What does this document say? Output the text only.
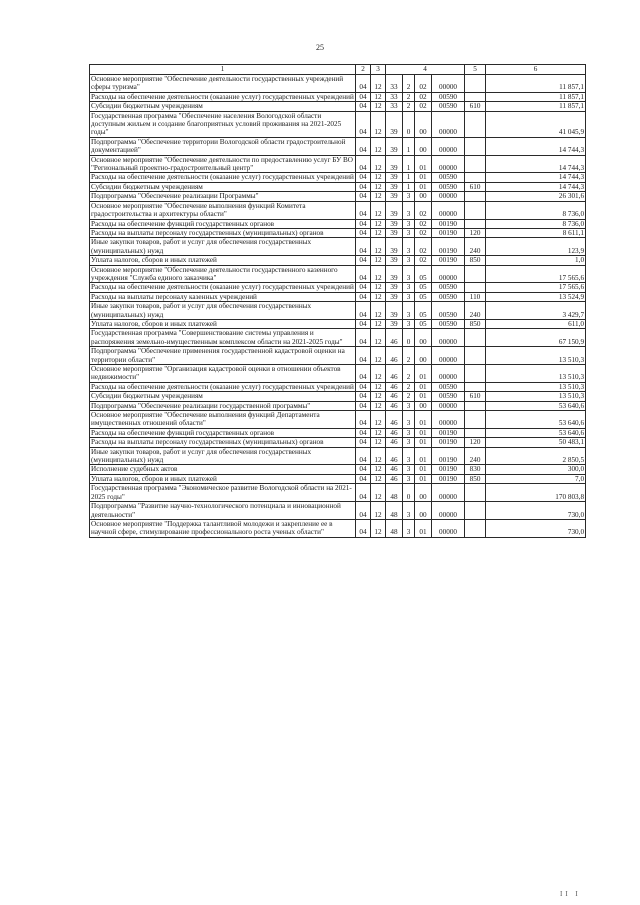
25
1	2	3	4				5	6
Основное мероприятие "Обеспечение деятельности государственных учреждений сферы туризма"	04	12	33	2	02	00000		11 857,1
Расходы на обеспечение деятельности (оказание услуг) государственных учреждений	04	12	33	2	02	00590		11 857,1
Субсидии бюджетным учреждениям	04	12	33	2	02	00590	610	11 857,1
Государственная программа "Обеспечение населения Вологодской области доступным жильем и создание благоприятных условий проживания на 2021-2025 годы"	04	12	39	0	00	00000		41 045,9
Подпрограмма "Обеспечение территории Вологодской области градостроительной документацией"	04	12	39	1	00	00000		14 744,3
Основное мероприятие "Обеспечение деятельности по предоставлению услуг БУ ВО "Региональный проектно-градостроительный центр"	04	12	39	1	01	00000		14 744,3
Расходы на обеспечение деятельности (оказание услуг) государственных учреждений	04	12	39	1	01	00590		14 744,3
Субсидии бюджетным учреждениям	04	12	39	1	01	00590	610	14 744,3
Подпрограмма "Обеспечение реализации Программы"	04	12	39	3	00	00000		26 301,6
Основное мероприятие "Обеспечение выполнения функций Комитета градостроительства и архитектуры области"	04	12	39	3	02	00000		8 736,0
Расходы на обеспечение функций государственных органов	04	12	39	3	02	00190		8 736,0
Расходы на выплаты персоналу государственных (муниципальных) органов	04	12	39	3	02	00190	120	8 611,1
Иные закупки товаров, работ и услуг для обеспечения государственных (муниципальных) нужд	04	12	39	3	02	00190	240	123,9
Уплата налогов, сборов и иных платежей	04	12	39	3	02	00190	850	1,0
Основное мероприятие "Обеспечение деятельности государственного казенного учреждения "Служба единого заказчика"	04	12	39	3	05	00000		17 565,6
Расходы на обеспечение деятельности (оказание услуг) государственных учреждений	04	12	39	3	05	00590		17 565,6
Расходы на выплаты персоналу казенных учреждений	04	12	39	3	05	00590	110	13 524,9
Иные закупки товаров, работ и услуг для обеспечения государственных (муниципальных) нужд	04	12	39	3	05	00590	240	3 429,7
Уплата налогов, сборов и иных платежей	04	12	39	3	05	00590	850	611,0
Государственная программа "Совершенствование системы управления и распоряжения земельно-имущественным комплексом области на 2021-2025 годы"	04	12	46	0	00	00000		67 150,9
Подпрограмма "Обеспечение применения государственной кадастровой оценки на территории области"	04	12	46	2	00	00000		13 510,3
Основное мероприятие "Организация кадастровой оценки в отношении объектов недвижимости"	04	12	46	2	01	00000		13 510,3
Расходы на обеспечение деятельности (оказание услуг) государственных учреждений	04	12	46	2	01	00590		13 510,3
Субсидии бюджетным учреждениям	04	12	46	2	01	00590	610	13 510,3
Подпрограмма "Обеспечение реализации государственной программы"	04	12	46	3	00	00000		53 640,6
Основное мероприятие "Обеспечение выполнения функций Департамента имущественных отношений области"	04	12	46	3	01	00000		53 640,6
Расходы на обеспечение функций государственных органов	04	12	46	3	01	00190		53 640,6
Расходы на выплаты персоналу государственных (муниципальных) органов	04	12	46	3	01	00190	120	50 483,1
Иные закупки товаров, работ и услуг для обеспечения государственных (муниципальных) нужд	04	12	46	3	01	00190	240	2 850,5
Исполнение судебных актов	04	12	46	3	01	00190	830	300,0
Уплата налогов, сборов и иных платежей	04	12	46	3	01	00190	850	7,0
Государственная программа "Экономическое развитие Вологодской области на 2021-2025 годы"	04	12	48	0	00	00000		170 803,8
Подпрограмма "Развитие научно-технологического потенциала и инновационной деятельности"	04	12	48	3	00	00000		730,0
Основное мероприятие "Поддержка талантливой молодежи и закрепление ее в научной сфере, стимулирование профессионального роста ученых области"	04	12	48	3	01	00000		730,0
II I
